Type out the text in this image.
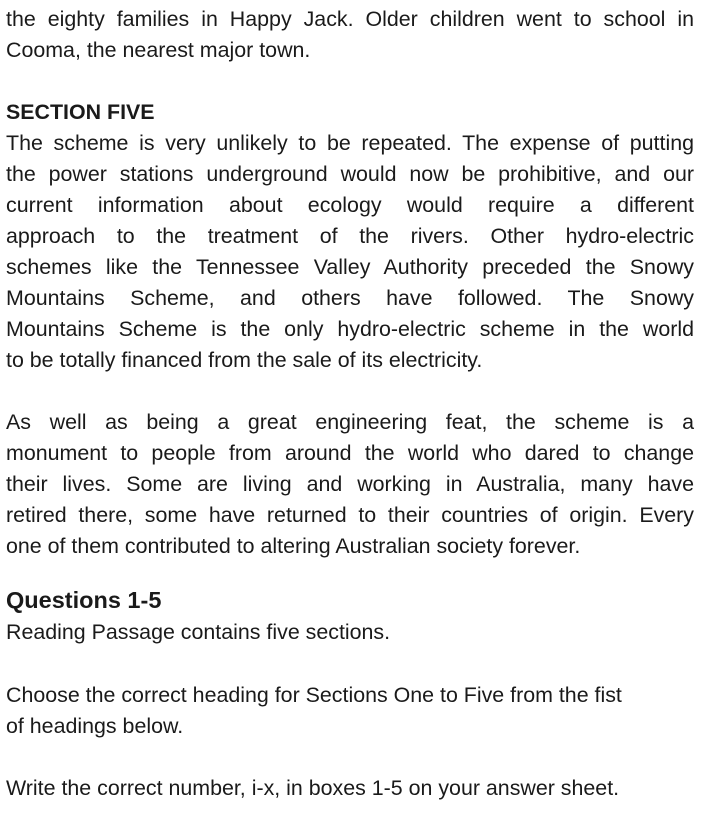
the eighty families in Happy Jack. Older children went to school in
Cooma, the nearest major town.
SECTION FIVE
The scheme is very unlikely to be repeated. The expense of putting
the power stations underground would now be prohibitive, and our
current information about ecology would require a different
approach to the treatment of the rivers. Other hydro-electric
schemes like the Tennessee Valley Authority preceded the Snowy
Mountains Scheme, and others have followed. The Snowy
Mountains Scheme is the only hydro-electric scheme in the world
to be totally financed from the sale of its electricity.
As well as being a great engineering feat, the scheme is a
monument to people from around the world who dared to change
their lives. Some are living and working in Australia, many have
retired there, some have returned to their countries of origin. Every
one of them contributed to altering Australian society forever.
Questions 1-5
Reading Passage contains five sections.
Choose the correct heading for Sections One to Five from the fist
of headings below.
Write the correct number, i-x, in boxes 1-5 on your answer sheet.
